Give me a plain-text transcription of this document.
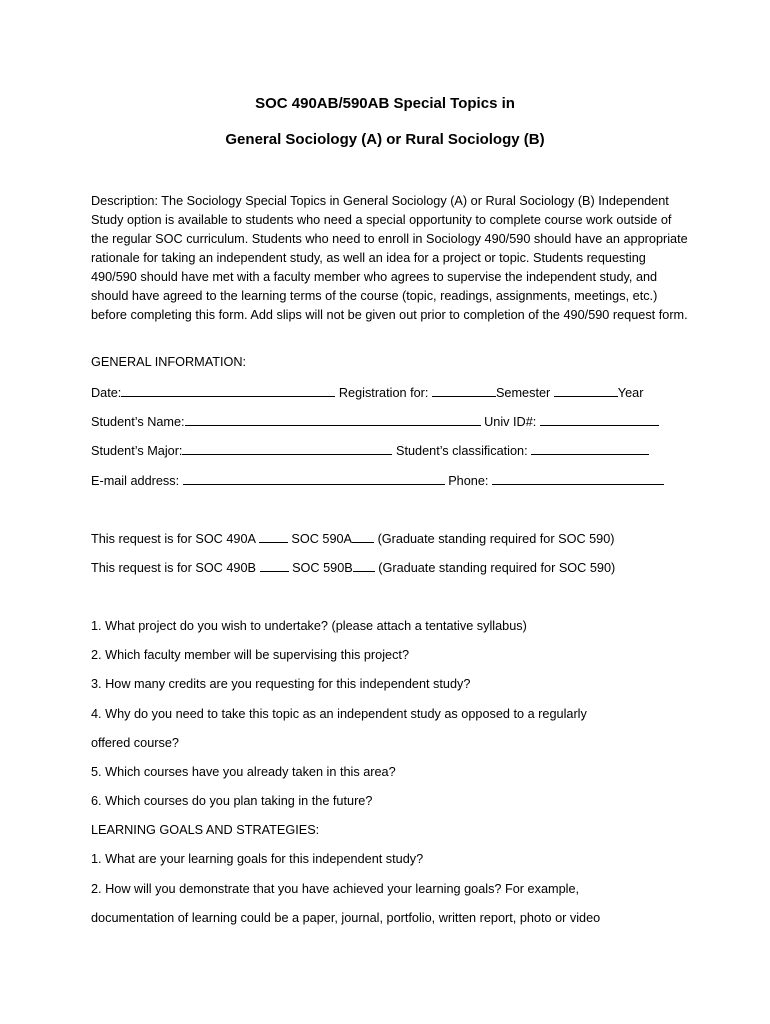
SOC 490AB/590AB Special Topics in
General Sociology (A) or Rural Sociology (B)

Description: The Sociology Special Topics in General Sociology (A) or Rural Sociology (B) Independent Study option is available to students who need a special opportunity to complete course work outside of the regular SOC curriculum. Students who need to enroll in Sociology 490/590 should have an appropriate rationale for taking an independent study, as well an idea for a project or topic. Students requesting 490/590 should have met with a faculty member who agrees to supervise the independent study, and should have agreed to the learning terms of the course (topic, readings, assignments, meetings, etc.) before completing this form. Add slips will not be given out prior to completion of the 490/590 request form.

GENERAL INFORMATION:
Date:	Registration for:	Semester	Year
Student’s Name:	Univ ID#:
Student’s Major:	Student’s classification:
E-mail address:	Phone:
This request is for SOC 490A	SOC 590A (Graduate standing required for SOC 590)
This request is for SOC 490B	SOC 590B (Graduate standing required for SOC 590)
1. What project do you wish to undertake? (please attach a tentative syllabus)
2. Which faculty member will be supervising this project?
3. How many credits are you requesting for this independent study?
4. Why do you need to take this topic as an independent study as opposed to a regularly
offered course?
5. Which courses have you already taken in this area?
6. Which courses do you plan taking in the future?
LEARNING GOALS AND STRATEGIES:
1. What are your learning goals for this independent study?
2. How will you demonstrate that you have achieved your learning goals? For example,
documentation of learning could be a paper, journal, portfolio, written report, photo or video
